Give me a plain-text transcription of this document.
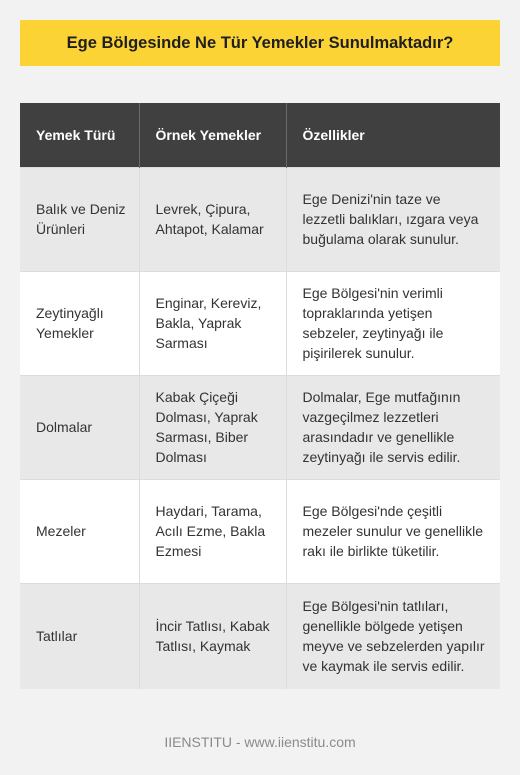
Ege Bölgesinde Ne Tür Yemekler Sunulmaktadır?
Yemek Türü	Örnek Yemekler	Özellikler
Balık ve Deniz Ürünleri	Levrek, Çipura, Ahtapot, Kalamar	Ege Denizi'nin taze ve lezzetli balıkları, ızgara veya buğulama olarak sunulur.
Zeytinyağlı Yemekler	Enginar, Kereviz, Bakla, Yaprak Sarması	Ege Bölgesi'nin verimli topraklarında yetişen sebzeler, zeytinyağı ile pişirilerek sunulur.
Dolmalar	Kabak Çiçeği Dolması, Yaprak Sarması, Biber Dolması	Dolmalar, Ege mutfağının vazgeçilmez lezzetleri arasındadır ve genellikle zeytinyağı ile servis edilir.
Mezeler	Haydari, Tarama, Acılı Ezme, Bakla Ezmesi	Ege Bölgesi'nde çeşitli mezeler sunulur ve genellikle rakı ile birlikte tüketilir.
Tatlılar	İncir Tatlısı, Kabak Tatlısı, Kaymak	Ege Bölgesi'nin tatlıları, genellikle bölgede yetişen meyve ve sebzelerden yapılır ve kaymak ile servis edilir.
IIENSTITU - www.iienstitu.com
